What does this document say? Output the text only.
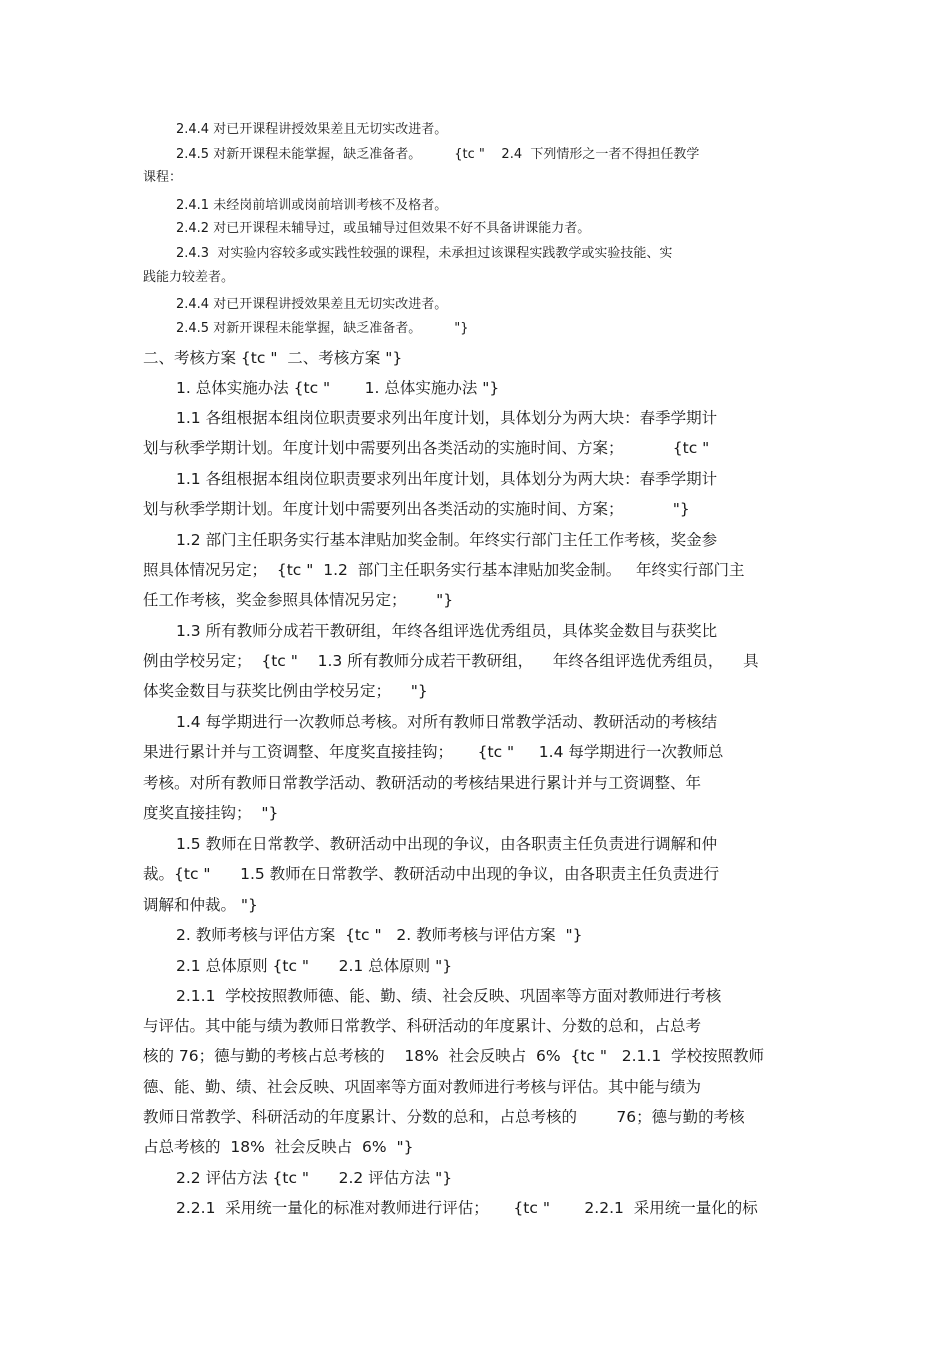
2.4.4 对已开课程讲授效果差且无切实改进者。
2.4.5 对新开课程未能掌握，缺乏准备者。        {tc "    2.4  下列情形之一者不得担任教学
课程：
2.4.1 未经岗前培训或岗前培训考核不及格者。
2.4.2 对已开课程未辅导过，或虽辅导过但效果不好不具备讲课能力者。
2.4.3  对实验内容较多或实践性较强的课程，未承担过该课程实践教学或实验技能、实
践能力较差者。
2.4.4 对已开课程讲授效果差且无切实改进者。
2.4.5 对新开课程未能掌握，缺乏准备者。        "}
二、考核方案 {tc "  二、考核方案 "}
1. 总体实施办法 {tc "       1. 总体实施办法 "}
1.1 各组根据本组岗位职责要求列出年度计划，具体划分为两大块：春季学期计
划与秋季学期计划。年度计划中需要列出各类活动的实施时间、方案；          {tc "
1.1 各组根据本组岗位职责要求列出年度计划，具体划分为两大块：春季学期计
划与秋季学期计划。年度计划中需要列出各类活动的实施时间、方案；          "}
1.2 部门主任职务实行基本津贴加奖金制。年终实行部门主任工作考核，奖金参
照具体情况另定；  {tc "  1.2  部门主任职务实行基本津贴加奖金制。   年终实行部门主
任工作考核，奖金参照具体情况另定；      "}
1.3 所有教师分成若干教研组，年终各组评选优秀组员，具体奖金数目与获奖比
例由学校另定；  {tc "    1.3 所有教师分成若干教研组，    年终各组评选优秀组员，    具
体奖金数目与获奖比例由学校另定；    "}
1.4 每学期进行一次教师总考核。对所有教师日常教学活动、教研活动的考核结
果进行累计并与工资调整、年度奖直接挂钩；     {tc "     1.4 每学期进行一次教师总
考核。对所有教师日常教学活动、教研活动的考核结果进行累计并与工资调整、年
度奖直接挂钩；  "}
1.5 教师在日常教学、教研活动中出现的争议，由各职责主任负责进行调解和仲
裁。{tc "      1.5 教师在日常教学、教研活动中出现的争议，由各职责主任负责进行
调解和仲裁。 "}
2. 教师考核与评估方案  {tc "   2. 教师考核与评估方案  "}
2.1 总体原则 {tc "      2.1 总体原则 "}
2.1.1  学校按照教师德、能、勤、绩、社会反映、巩固率等方面对教师进行考核
与评估。其中能与绩为教师日常教学、科研活动的年度累计、分数的总和，占总考
核的 76；德与勤的考核占总考核的    18%  社会反映占  6%  {tc "   2.1.1  学校按照教师
德、能、勤、绩、社会反映、巩固率等方面对教师进行考核与评估。其中能与绩为
教师日常教学、科研活动的年度累计、分数的总和，占总考核的        76；德与勤的考核
占总考核的  18%  社会反映占  6%  "}
2.2 评估方法 {tc "      2.2 评估方法 "}
2.2.1  采用统一量化的标准对教师进行评估；     {tc "       2.2.1  采用统一量化的标
